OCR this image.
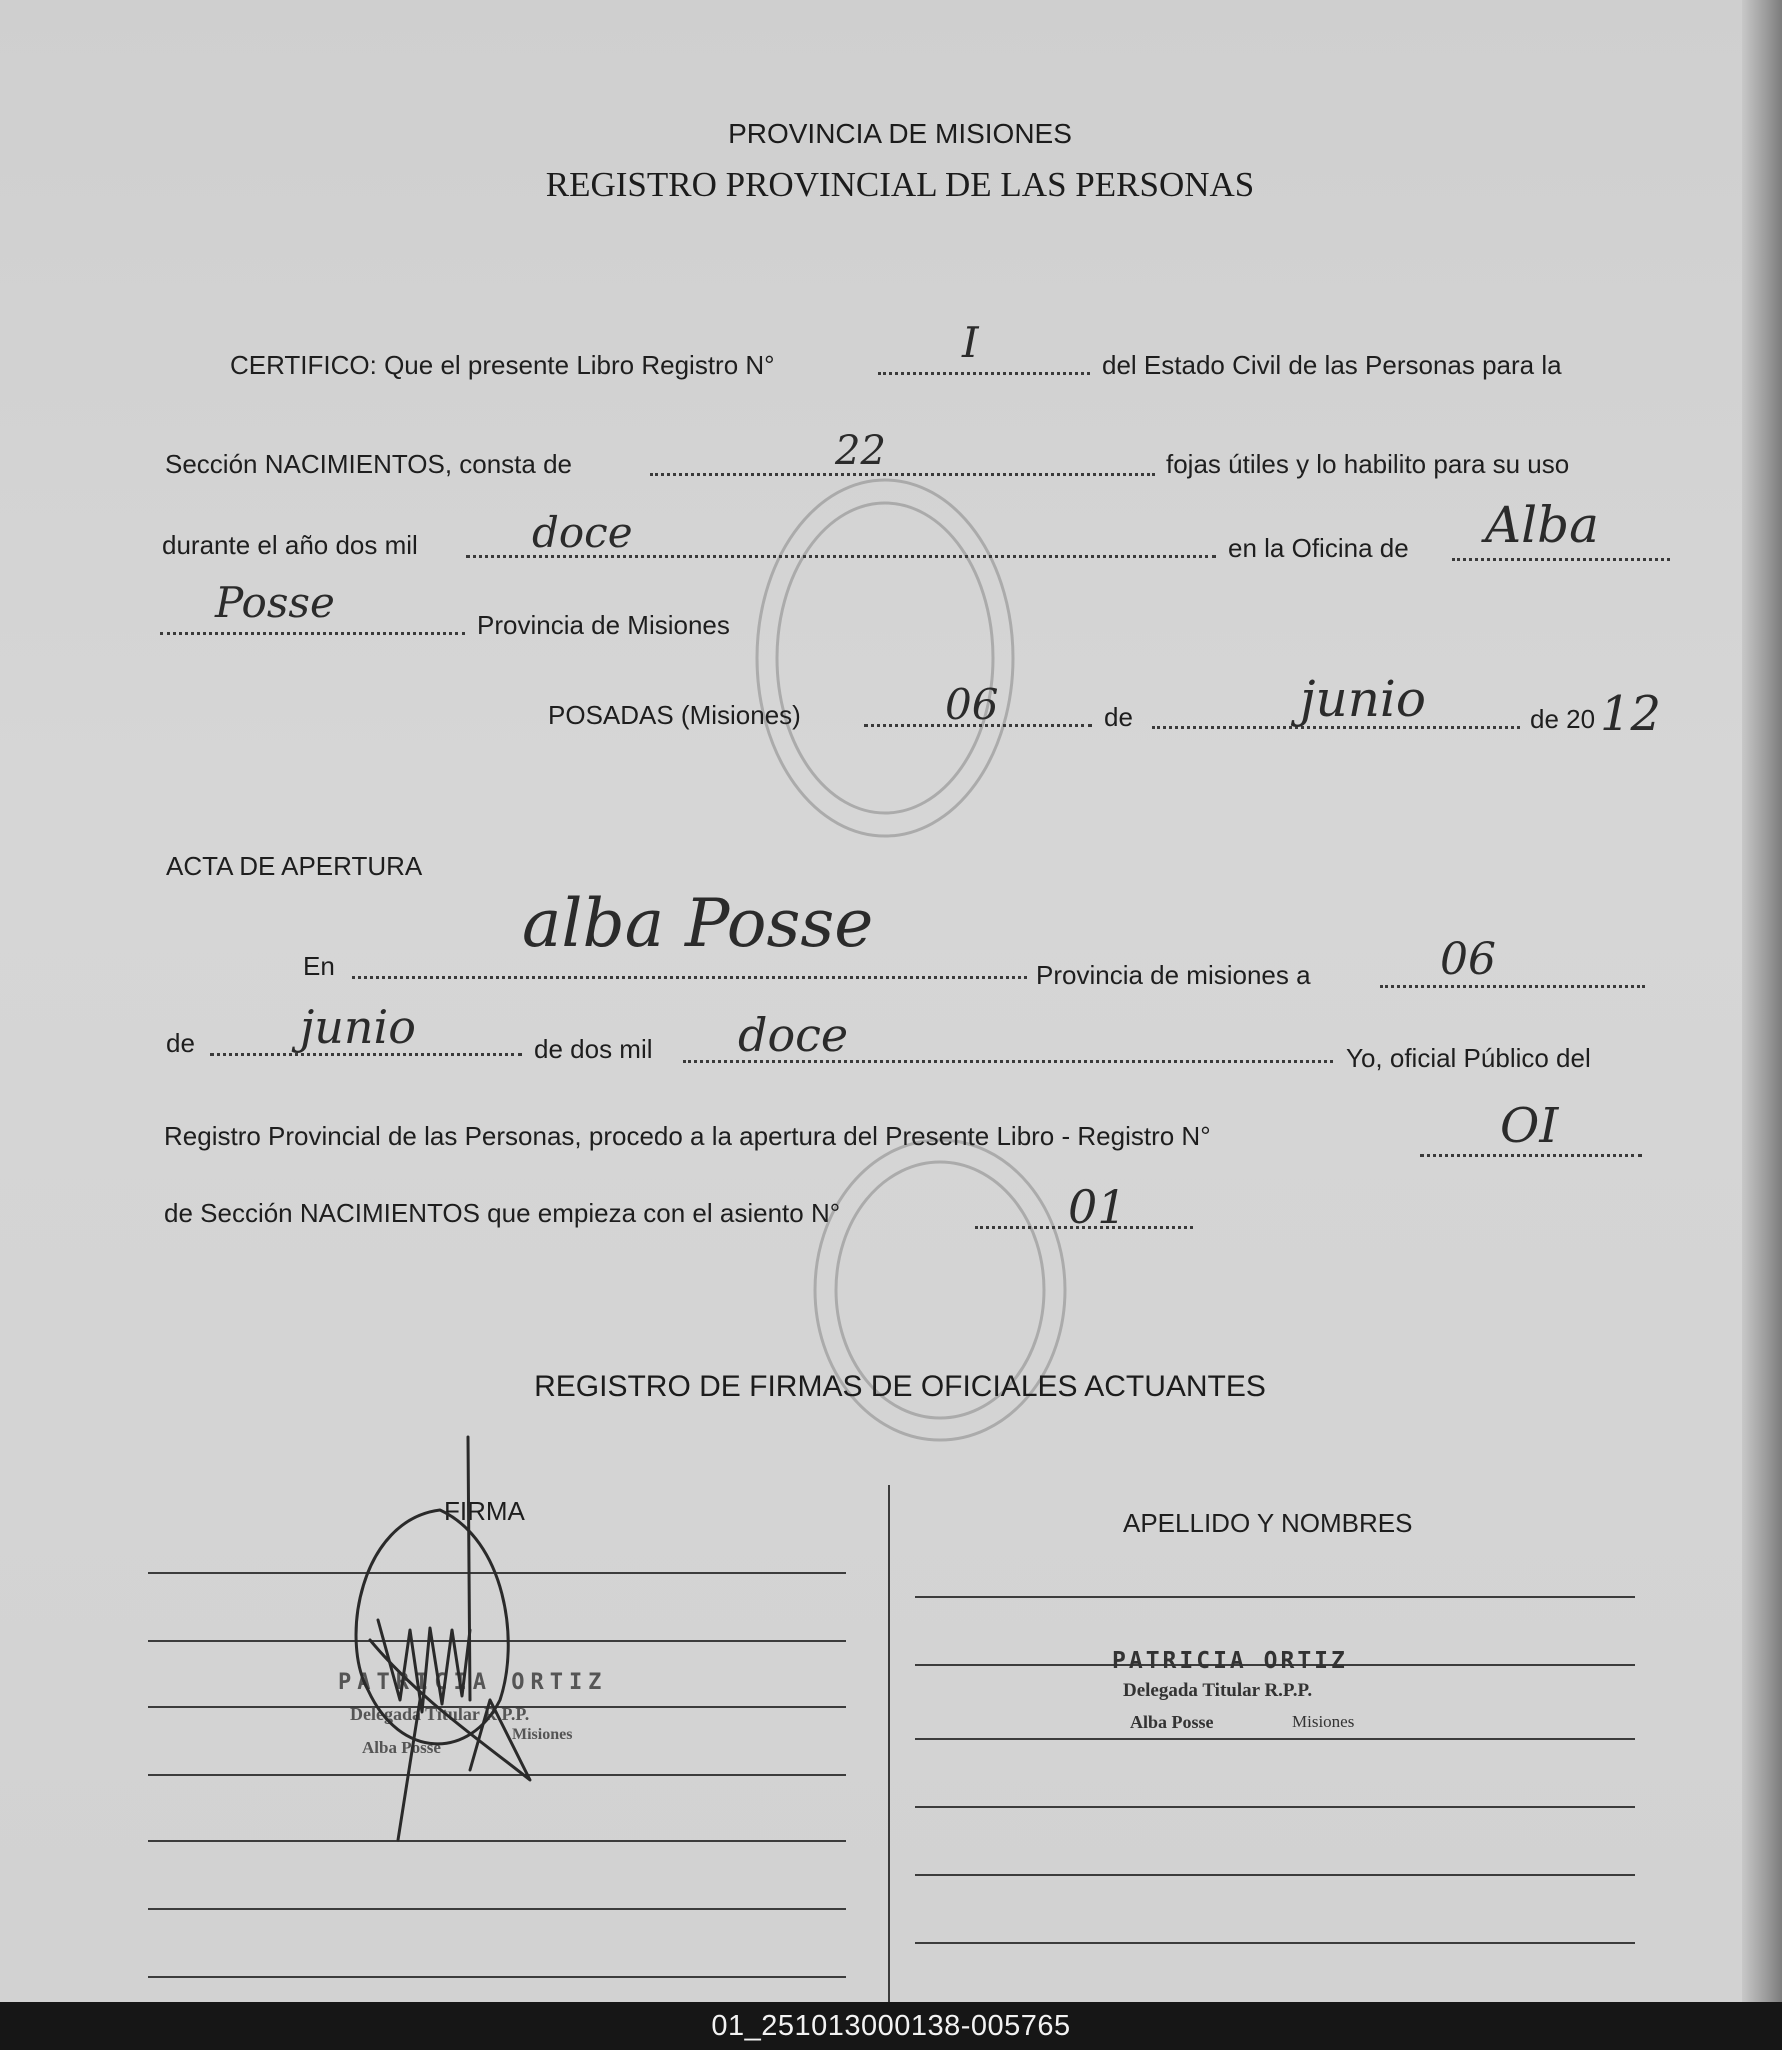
PROVINCIA DE MISIONES
REGISTRO PROVINCIAL DE LAS PERSONAS
CERTIFICO: Que el presente Libro Registro N°	I	del Estado Civil de las Personas para la
Sección NACIMIENTOS, consta de	22	fojas útiles y lo habilito para su uso
durante el año dos mil	doce	en la Oficina de Alba
Posse	Provincia de Misiones
POSADAS (Misiones)	06	de	junio	de 20 12
ACTA DE APERTURA
En
alba Posse
Provincia de misiones a	06
de junio	de dos mil doce	Yo, oficial Público del
Registro Provincial de las Personas, procedo a la apertura del Presente Libro - Registro N°	OI
de Sección NACIMIENTOS que empieza con el asiento N°	01
REGISTRO DE FIRMAS DE OFICIALES ACTUANTES
FIRMA	APELLIDO Y NOMBRES
PATRICIA ORTIZ
Delegada Titular R.P.P.
Alba Posse	Misiones
PATRICIA ORTIZ
Delegada Titular R.P.P.
Alba Posse
Misiones
01_251013000138-005765
